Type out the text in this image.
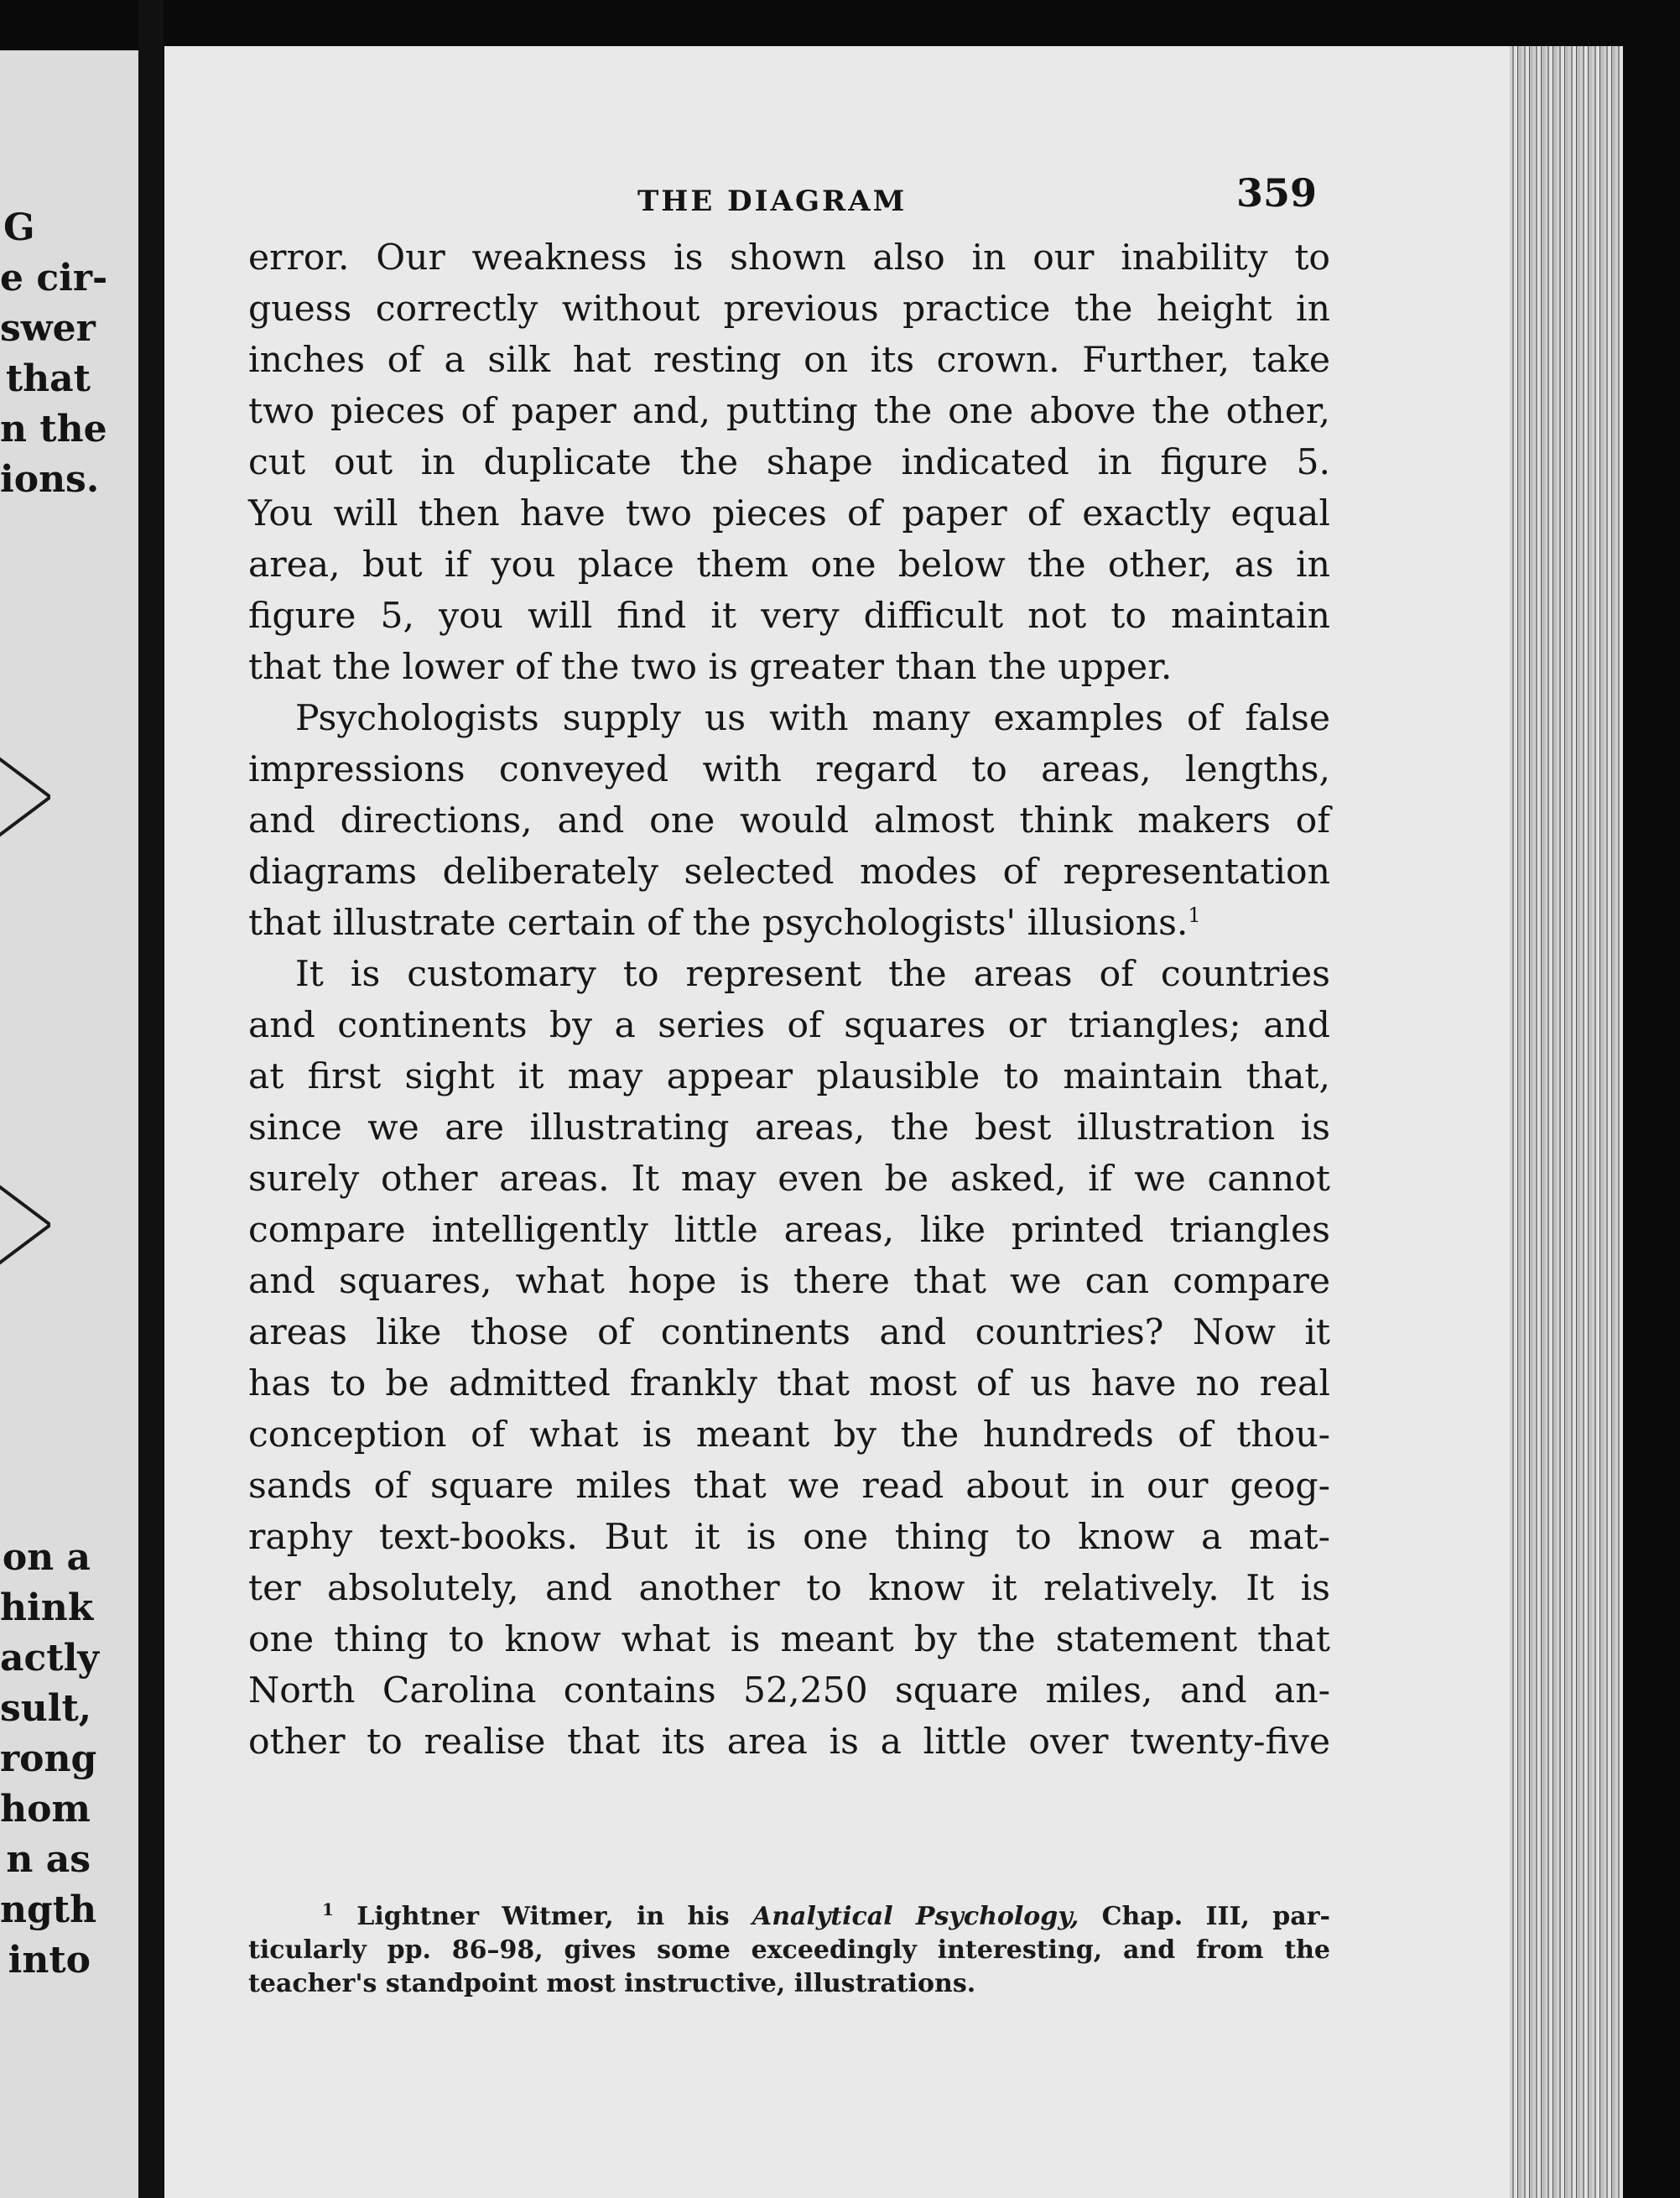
G
e cir-
swer
that
n the
ions.
on a
hink
actly
sult,
rong
hom
n as
ngth
into
THE DIAGRAM	359
error. Our weakness is shown also in our inability to
guess correctly without previous practice the height in
inches of a silk hat resting on its crown. Further, take
two pieces of paper and, putting the one above the other,
cut out in duplicate the shape indicated in figure 5.
You will then have two pieces of paper of exactly equal
area, but if you place them one below the other, as in
figure 5, you will find it very difficult not to maintain
that the lower of the two is greater than the upper.
Psychologists supply us with many examples of false
impressions conveyed with regard to areas, lengths,
and directions, and one would almost think makers of
diagrams deliberately selected modes of representation
that illustrate certain of the psychologists' illusions.$^1$
It is customary to represent the areas of countries
and continents by a series of squares or triangles; and
at first sight it may appear plausible to maintain that,
since we are illustrating areas, the best illustration is
surely other areas. It may even be asked, if we cannot
compare intelligently little areas, like printed triangles
and squares, what hope is there that we can compare
areas like those of continents and countries? Now it
has to be admitted frankly that most of us have no real
conception of what is meant by the hundreds of thou-
sands of square miles that we read about in our geog-
raphy text-books. But it is one thing to know a mat-
ter absolutely, and another to know it relatively. It is
one thing to know what is meant by the statement that
North Carolina contains 52,250 square miles, and an-
other to realise that its area is a little over twenty-five
$^1$ Lightner Witmer, in his Analytical Psychology, Chap. III, par-
ticularly pp. 86–98, gives some exceedingly interesting, and from the
teacher's standpoint most instructive, illustrations.
